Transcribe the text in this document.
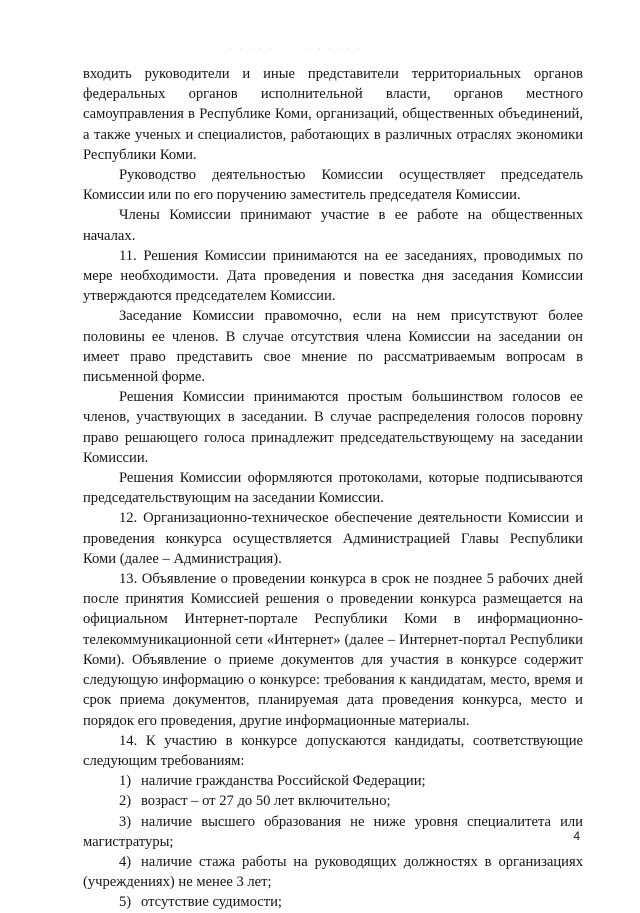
· · · · ·       · · · · · ·

входить руководители и иные представители территориальных органов федеральных органов исполнительной власти, органов местного самоуправления в Республике Коми, организаций, общественных объединений, а также ученых и специалистов, работающих в различных отраслях экономики Республики Коми.

Руководство деятельностью Комиссии осуществляет председатель Комиссии или по его поручению заместитель председателя Комиссии.

Члены Комиссии принимают участие в ее работе на общественных началах.

11. Решения Комиссии принимаются на ее заседаниях, проводимых по мере необходимости. Дата проведения и повестка дня заседания Комиссии утверждаются председателем Комиссии.

Заседание Комиссии правомочно, если на нем присутствуют более половины ее членов. В случае отсутствия члена Комиссии на заседании он имеет право представить свое мнение по рассматриваемым вопросам в письменной форме.

Решения Комиссии принимаются простым большинством голосов ее членов, участвующих в заседании. В случае распределения голосов поровну право решающего голоса принадлежит председательствующему на заседании Комиссии.

Решения Комиссии оформляются протоколами, которые подписываются председательствующим на заседании Комиссии.

12. Организационно-техническое обеспечение деятельности Комиссии и проведения конкурса осуществляется Администрацией Главы Республики Коми (далее – Администрация).

13. Объявление о проведении конкурса в срок не позднее 5 рабочих дней после принятия Комиссией решения о проведении конкурса размещается на официальном Интернет-портале Республики Коми в информационно-телекоммуникационной сети «Интернет» (далее – Интернет-портал Республики Коми). Объявление о приеме документов для участия в конкурсе содержит следующую информацию о конкурсе: требования к кандидатам, место, время и срок приема документов, планируемая дата проведения конкурса, место и порядок его проведения, другие информационные материалы.

14. К участию в конкурсе допускаются кандидаты, соответствующие следующим требованиям:

1) наличие гражданства Российской Федерации;

2) возраст – от 27 до 50 лет включительно;

3) наличие высшего образования не ниже уровня специалитета или магистратуры;

4) наличие стажа работы на руководящих должностях в организациях (учреждениях) не менее 3 лет;

5) отсутствие судимости;

4
